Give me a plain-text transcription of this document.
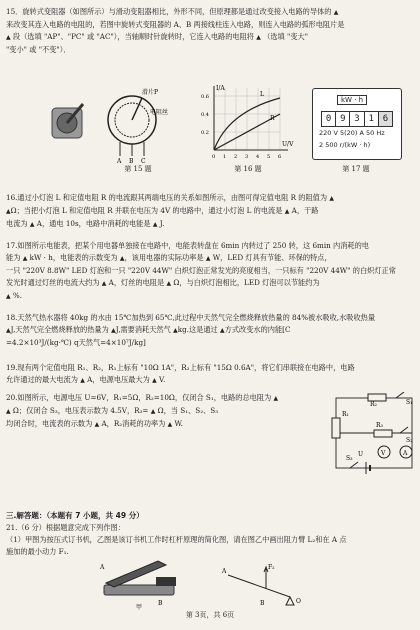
15．旋转式变阻器（如图所示）与滑动变阻器相比，外形不同，但原理都是通过改变接入电路的导体的 ▲

来改变其连入电路的电阻的，若图中旋转式变阻器的 A、B 两接线柱连入电路，则连入电路的弧形电阻片是

▲ 段（选填 "AP"、"PC" 或 "AC"），当轴顺时针旋转时，它连入电路的电阻将 ▲ （选填 "变大"

"变小" 或 "不变"）．

滑片P
电阻丝
A B C
第 15 题
I/A
U/V
L
R
0.6
0.4
0.2
0 1 2 3 4 5 6
第 16 题
kW · h
0 9 3 1 6
220 V 5(20) A 50 Hz
2 500 r/(kW · h)
第 17 题

16.通过小灯泡 L 和定值电阻 R 的电流跟其两端电压的关系如图所示，由图可得定值电阻 R 的阻值为 ▲

▲Ω；当把小灯泡 L 和定值电阻 R 并联在电压为 4V 的电路中，通过小灯泡 L 的电流是 ▲ A，干路

电流为 ▲ A，通电 10s，电路中消耗的电能是 ▲ J.

17.如图所示电能表，把某个用电器单独接在电路中，电能表转盘在 6min 内转过了 250 转，这 6min 内消耗的电

能为 ▲ kW · h，电能表的示数变为 ▲，该用电器的实际功率是 ▲ W，LED 灯具有节能、环保的特点，

一只 "220V 8.8W" LED 灯泡和一只 "220V 44W" 白炽灯泡正常发光的亮度相当，一只标有 "220V 44W" 的白炽灯正常

发光时通过灯丝的电流大约为 ▲ A，灯丝的电阻是 ▲ Ω，与白炽灯泡相比，LED 灯泡可以节能约为

▲ %.

18.天然气热水器将 40kg 的水由 15℃加热到 65℃,此过程中天然气完全燃烧释放热量的 84%被水吸收,水吸收热量

▲J,天然气完全燃烧释放的热量为 ▲J,需要消耗天然气 ▲kg.这是通过 ▲方式改变水的内能[C

=4.2×10³J/(kg·℃) q天然气=4×10⁷J/kg]

19.现有两个定值电阻 R₁、R₂，R₁上标有 "10Ω 1A"，R₂上标有 "15Ω 0.6A"，将它们串联接在电路中，电路

允许通过的最大电流为 ▲ A，电源电压最大为 ▲ V.

20.如图所示，电源电压 U=6V，R₁=5Ω，R₂=10Ω，仅闭合 S₁，电路的总电阻为 ▲

▲ Ω；仅闭合 S₃，电压表示数为 4.5V，R₃= ▲ Ω，当 S₁、S₂、S₃

均闭合时，电流表的示数为 ▲ A，R₂消耗的功率为 ▲ W.

R₂
R₁
R₃
S₁
S₂
S₃
U	V	A
三.解答题：（本题有 7 小题，共 49 分）

21.（6 分）根据题意完成下列作图：

（1）甲图为按压式订书机，乙图是该订书机工作时杠杆原理的简化图，请在图乙中画出阻力臂 L₂和在 A 点

施加的最小动力 F₁.

A
B
甲
A
F₂
B	O
第 3页，共 6页
